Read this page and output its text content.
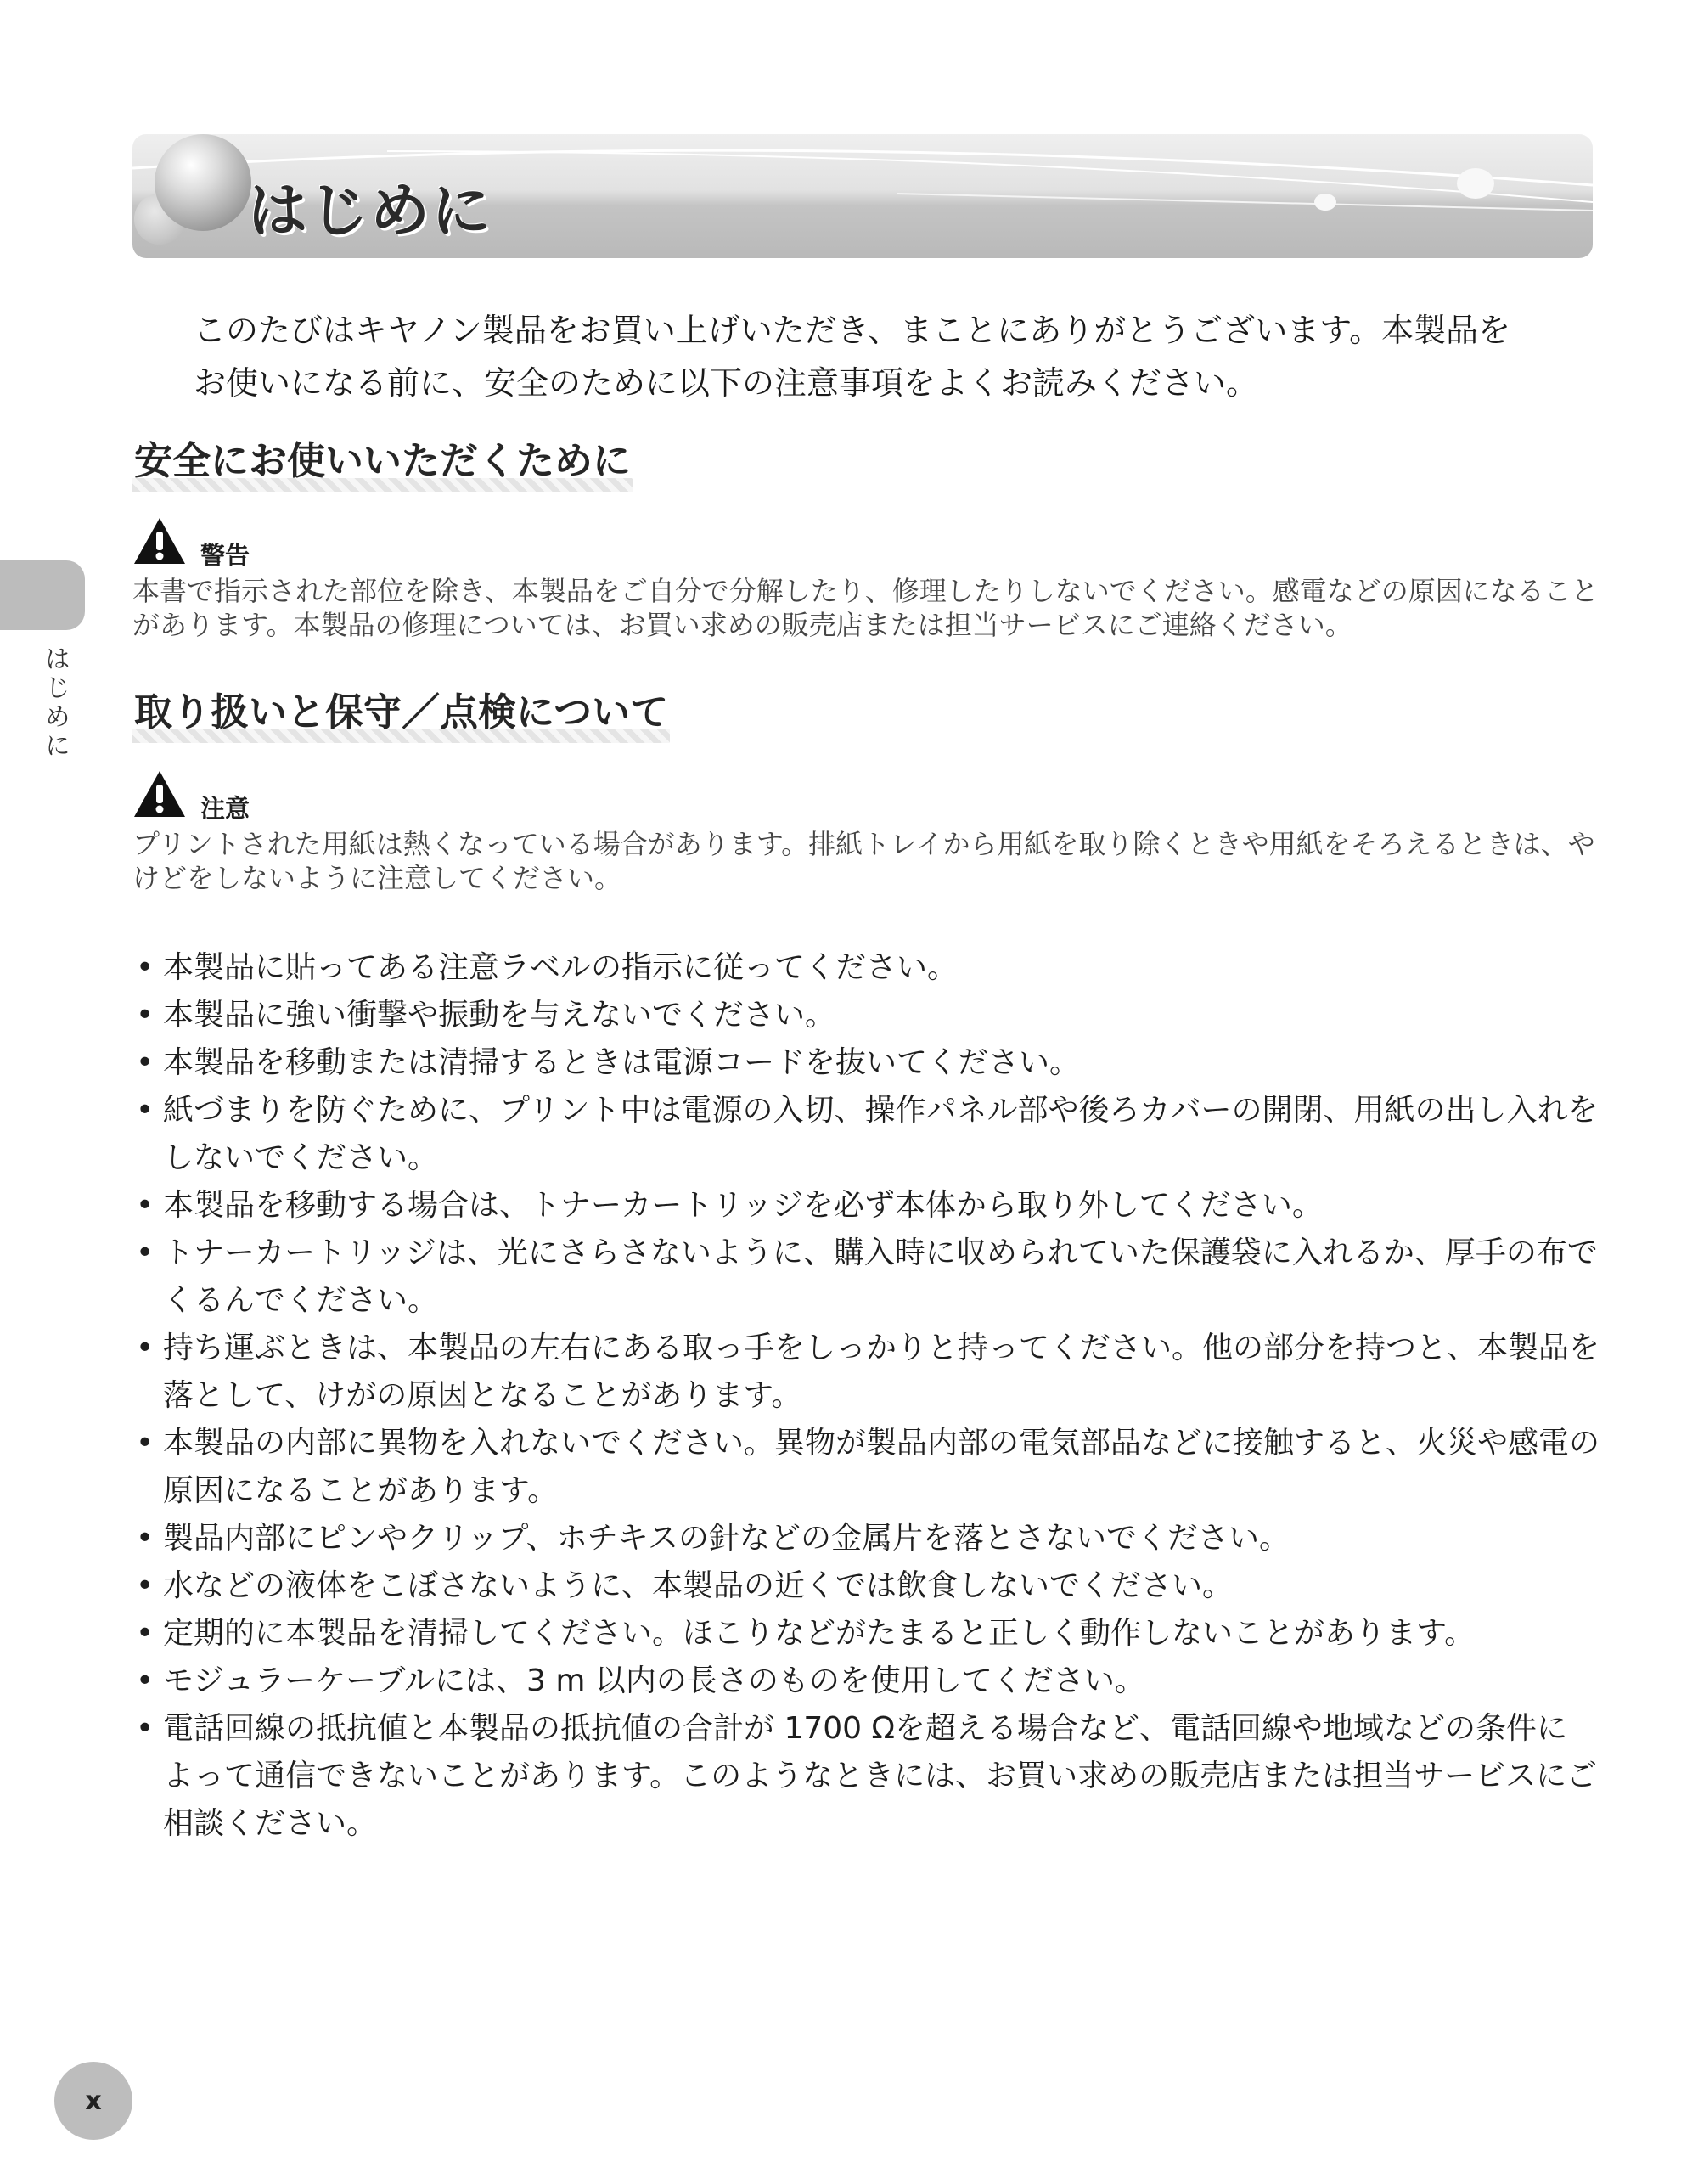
はじめに
このたびはキヤノン製品をお買い上げいただき、まことにありがとうございます。本製品を
お使いになる前に、安全のために以下の注意事項をよくお読みください。
安全にお使いいただくために
警告
本書で指示された部位を除き、本製品をご自分で分解したり、修理したりしないでください。感電などの原因になること
があります。本製品の修理については、お買い求めの販売店または担当サービスにご連絡ください。
取り扱いと保守／点検について
注意
プリントされた用紙は熱くなっている場合があります。排紙トレイから用紙を取り除くときや用紙をそろえるときは、や
けどをしないように注意してください。
• 本製品に貼ってある注意ラベルの指示に従ってください。
• 本製品に強い衝撃や振動を与えないでください。
• 本製品を移動または清掃するときは電源コードを抜いてください。
• 紙づまりを防ぐために、プリント中は電源の入切、操作パネル部や後ろカバーの開閉、用紙の出し入れを
しないでください。
• 本製品を移動する場合は、トナーカートリッジを必ず本体から取り外してください。
• トナーカートリッジは、光にさらさないように、購入時に収められていた保護袋に入れるか、厚手の布で
くるんでください。
• 持ち運ぶときは、本製品の左右にある取っ手をしっかりと持ってください。他の部分を持つと、本製品を
落として、けがの原因となることがあります。
• 本製品の内部に異物を入れないでください。異物が製品内部の電気部品などに接触すると、火災や感電の
原因になることがあります。
• 製品内部にピンやクリップ、ホチキスの針などの金属片を落とさないでください。
• 水などの液体をこぼさないように、本製品の近くでは飲食しないでください。
• 定期的に本製品を清掃してください。ほこりなどがたまると正しく動作しないことがあります。
• モジュラーケーブルには、3 m 以内の長さのものを使用してください。
• 電話回線の抵抗値と本製品の抵抗値の合計が 1700 Ωを超える場合など、電話回線や地域などの条件に
よって通信できないことがあります。このようなときには、お買い求めの販売店または担当サービスにご
相談ください。
はじめに
x
